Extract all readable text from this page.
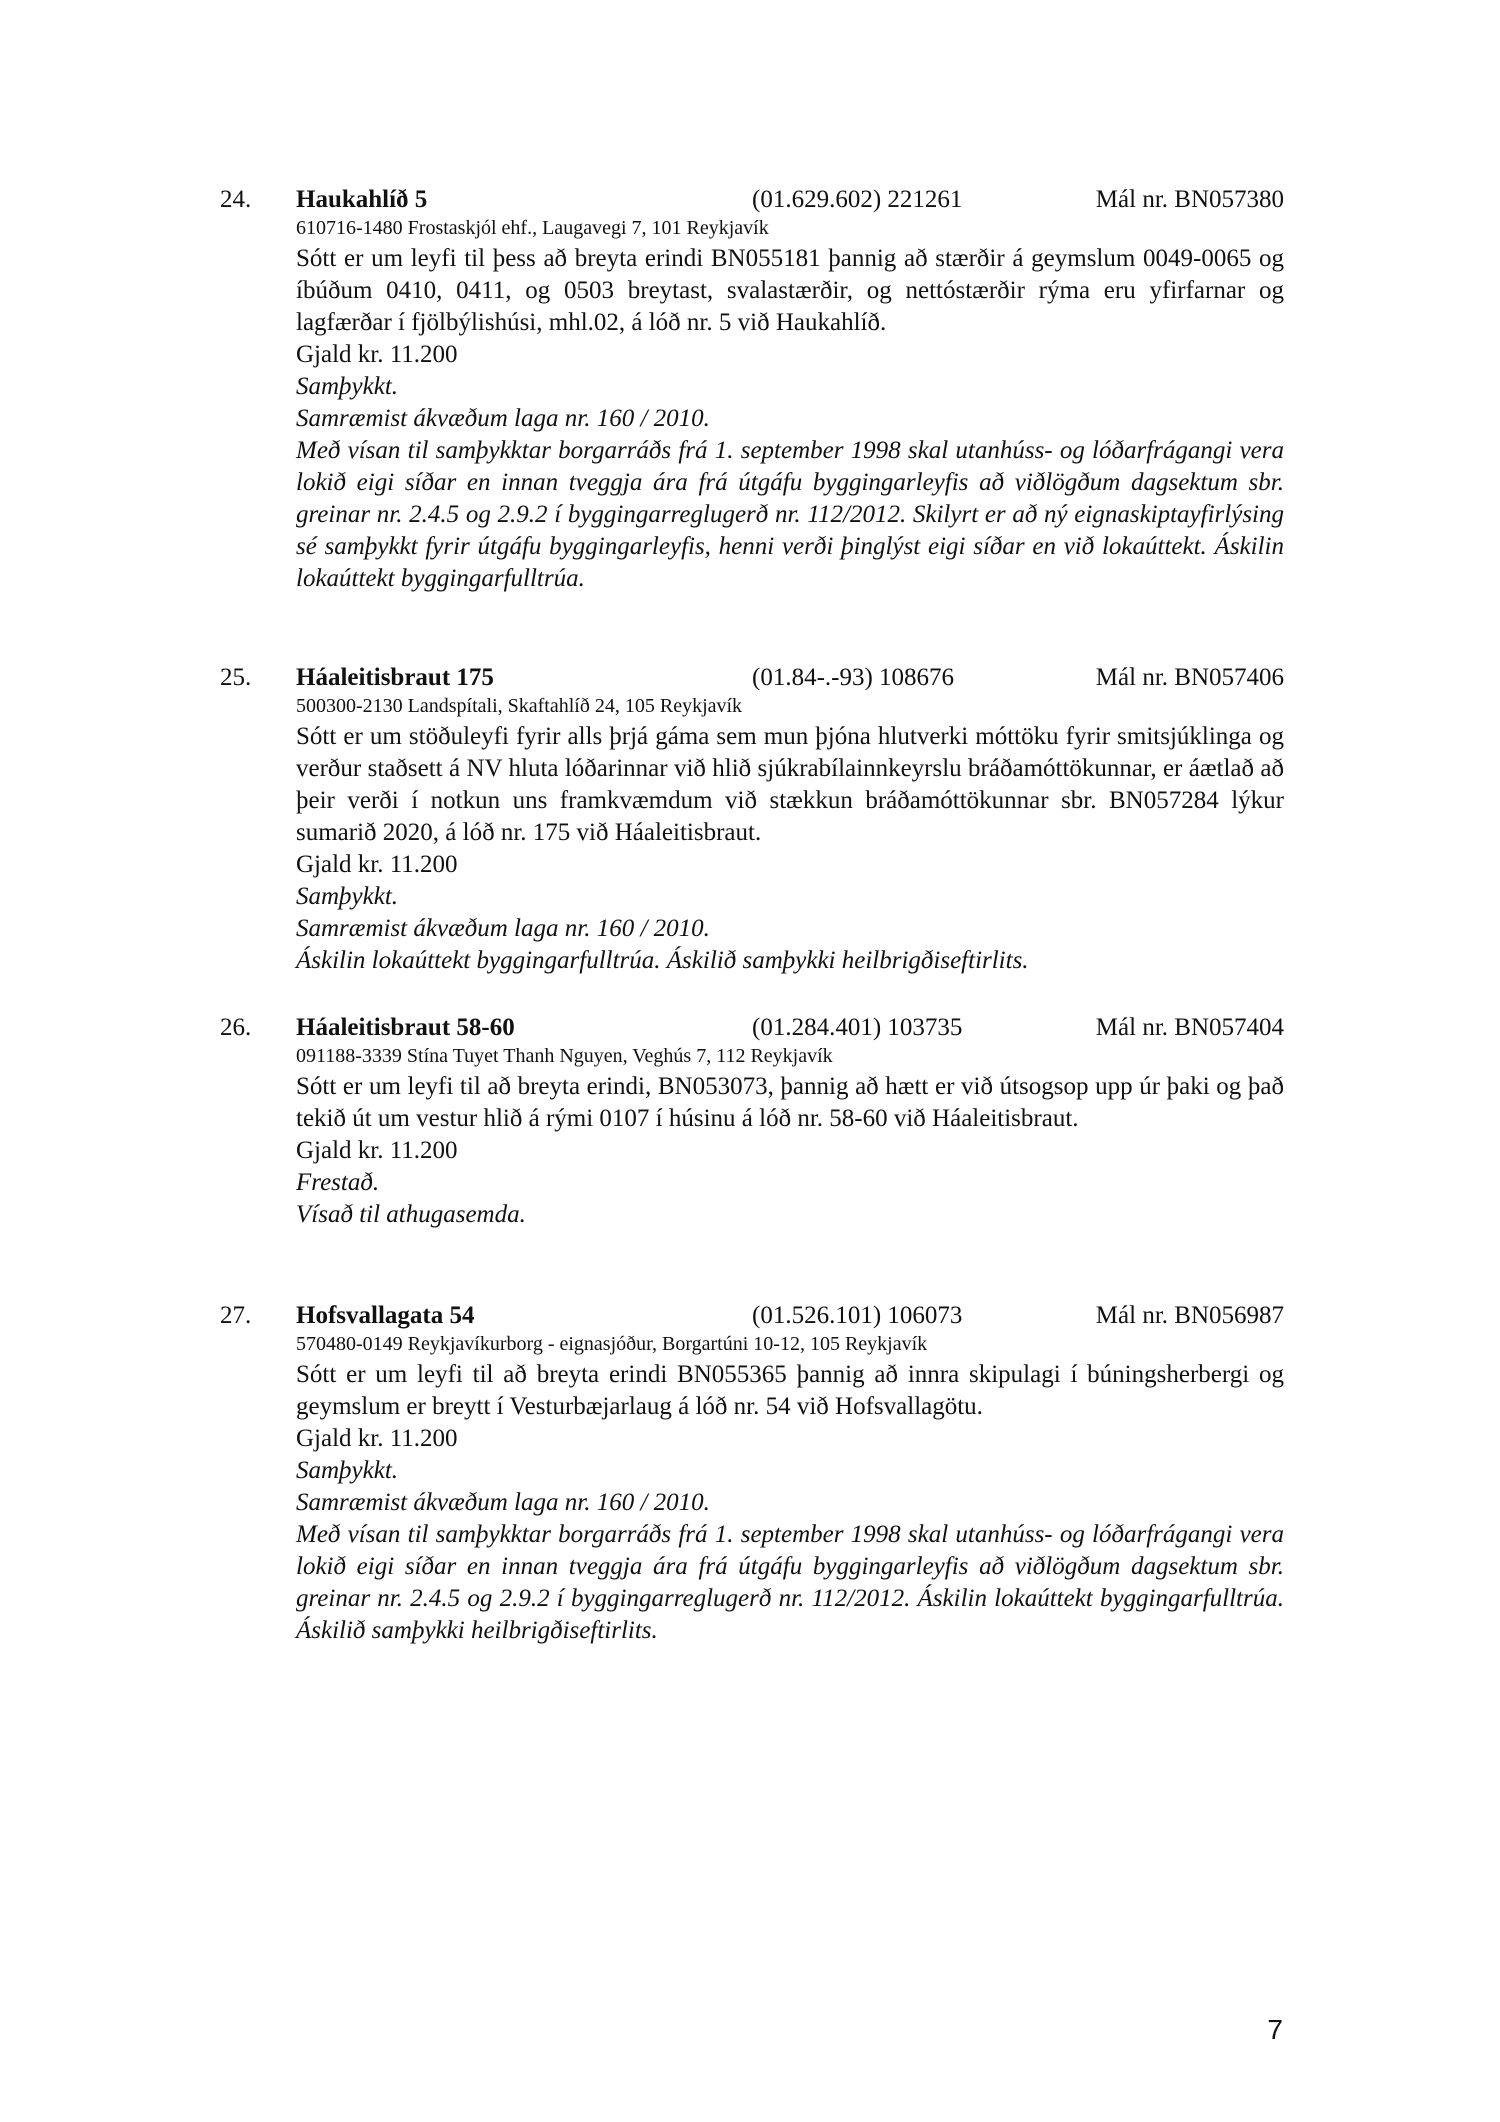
24. Haukahlíð 5	(01.629.602) 221261	Mál nr. BN057380
610716-1480 Frostaskjól ehf., Laugavegi 7, 101 Reykjavík
Sótt er um leyfi til þess að breyta erindi BN055181 þannig að stærðir á geymslum 0049-0065 og íbúðum 0410, 0411, og 0503 breytast, svalastærðir, og nettóstærðir rýma eru yfirfarnar og lagfærðar í fjölbýlishúsi, mhl.02, á lóð nr. 5 við Haukahlíð.
Gjald kr. 11.200
Samþykkt.
Samræmist ákvæðum laga nr. 160 / 2010.
Með vísan til samþykktar borgarráðs frá 1. september 1998 skal utanhúss- og lóðarfrágangi vera lokið eigi síðar en innan tveggja ára frá útgáfu byggingarleyfis að viðlögðum dagsektum sbr. greinar nr. 2.4.5 og 2.9.2 í byggingarreglugerð nr. 112/2012. Skilyrt er að ný eignaskiptayfirlýsing sé samþykkt fyrir útgáfu byggingarleyfis, henni verði þinglýst eigi síðar en við lokaúttekt. Áskilin lokaúttekt byggingarfulltrúa.
25. Háaleitisbraut 175	(01.84-.-93) 108676	Mál nr. BN057406
500300-2130 Landspítali, Skaftahlíð 24, 105 Reykjavík
Sótt er um stöðuleyfi fyrir alls þrjá gáma sem mun þjóna hlutverki móttöku fyrir smitsjúklinga og verður staðsett á NV hluta lóðarinnar við hlið sjúkrabílainnkeyrslu bráðamóttökunnar, er áætlað að þeir verði í notkun uns framkvæmdum við stækkun bráðamóttökunnar sbr. BN057284 lýkur sumarið 2020, á lóð nr. 175 við Háaleitisbraut.
Gjald kr. 11.200
Samþykkt.
Samræmist ákvæðum laga nr. 160 / 2010.
Áskilin lokaúttekt byggingarfulltrúa. Áskilið samþykki heilbrigðiseftirlits.
26. Háaleitisbraut 58-60	(01.284.401) 103735	Mál nr. BN057404
091188-3339 Stína Tuyet Thanh Nguyen, Veghús 7, 112 Reykjavík
Sótt er um leyfi til að breyta erindi, BN053073, þannig að hætt er við útsogsop upp úr þaki og það tekið út um vestur hlið á rými 0107 í húsinu á lóð nr. 58-60 við Háaleitisbraut.
Gjald kr. 11.200
Frestað.
Vísað til athugasemda.
27. Hofsvallagata 54	(01.526.101) 106073	Mál nr. BN056987
570480-0149 Reykjavíkurborg - eignasjóður, Borgartúni 10-12, 105 Reykjavík
Sótt er um leyfi til að breyta erindi BN055365 þannig að innra skipulagi í búningsherbergi og geymslum er breytt í Vesturbæjarlaug á lóð nr. 54 við Hofsvallagötu.
Gjald kr. 11.200
Samþykkt.
Samræmist ákvæðum laga nr. 160 / 2010.
Með vísan til samþykktar borgarráðs frá 1. september 1998 skal utanhúss- og lóðarfrágangi vera lokið eigi síðar en innan tveggja ára frá útgáfu byggingarleyfis að viðlögðum dagsektum sbr. greinar nr. 2.4.5 og 2.9.2 í byggingarreglugerð nr. 112/2012. Áskilin lokaúttekt byggingarfulltrúa. Áskilið samþykki heilbrigðiseftirlits.
7
